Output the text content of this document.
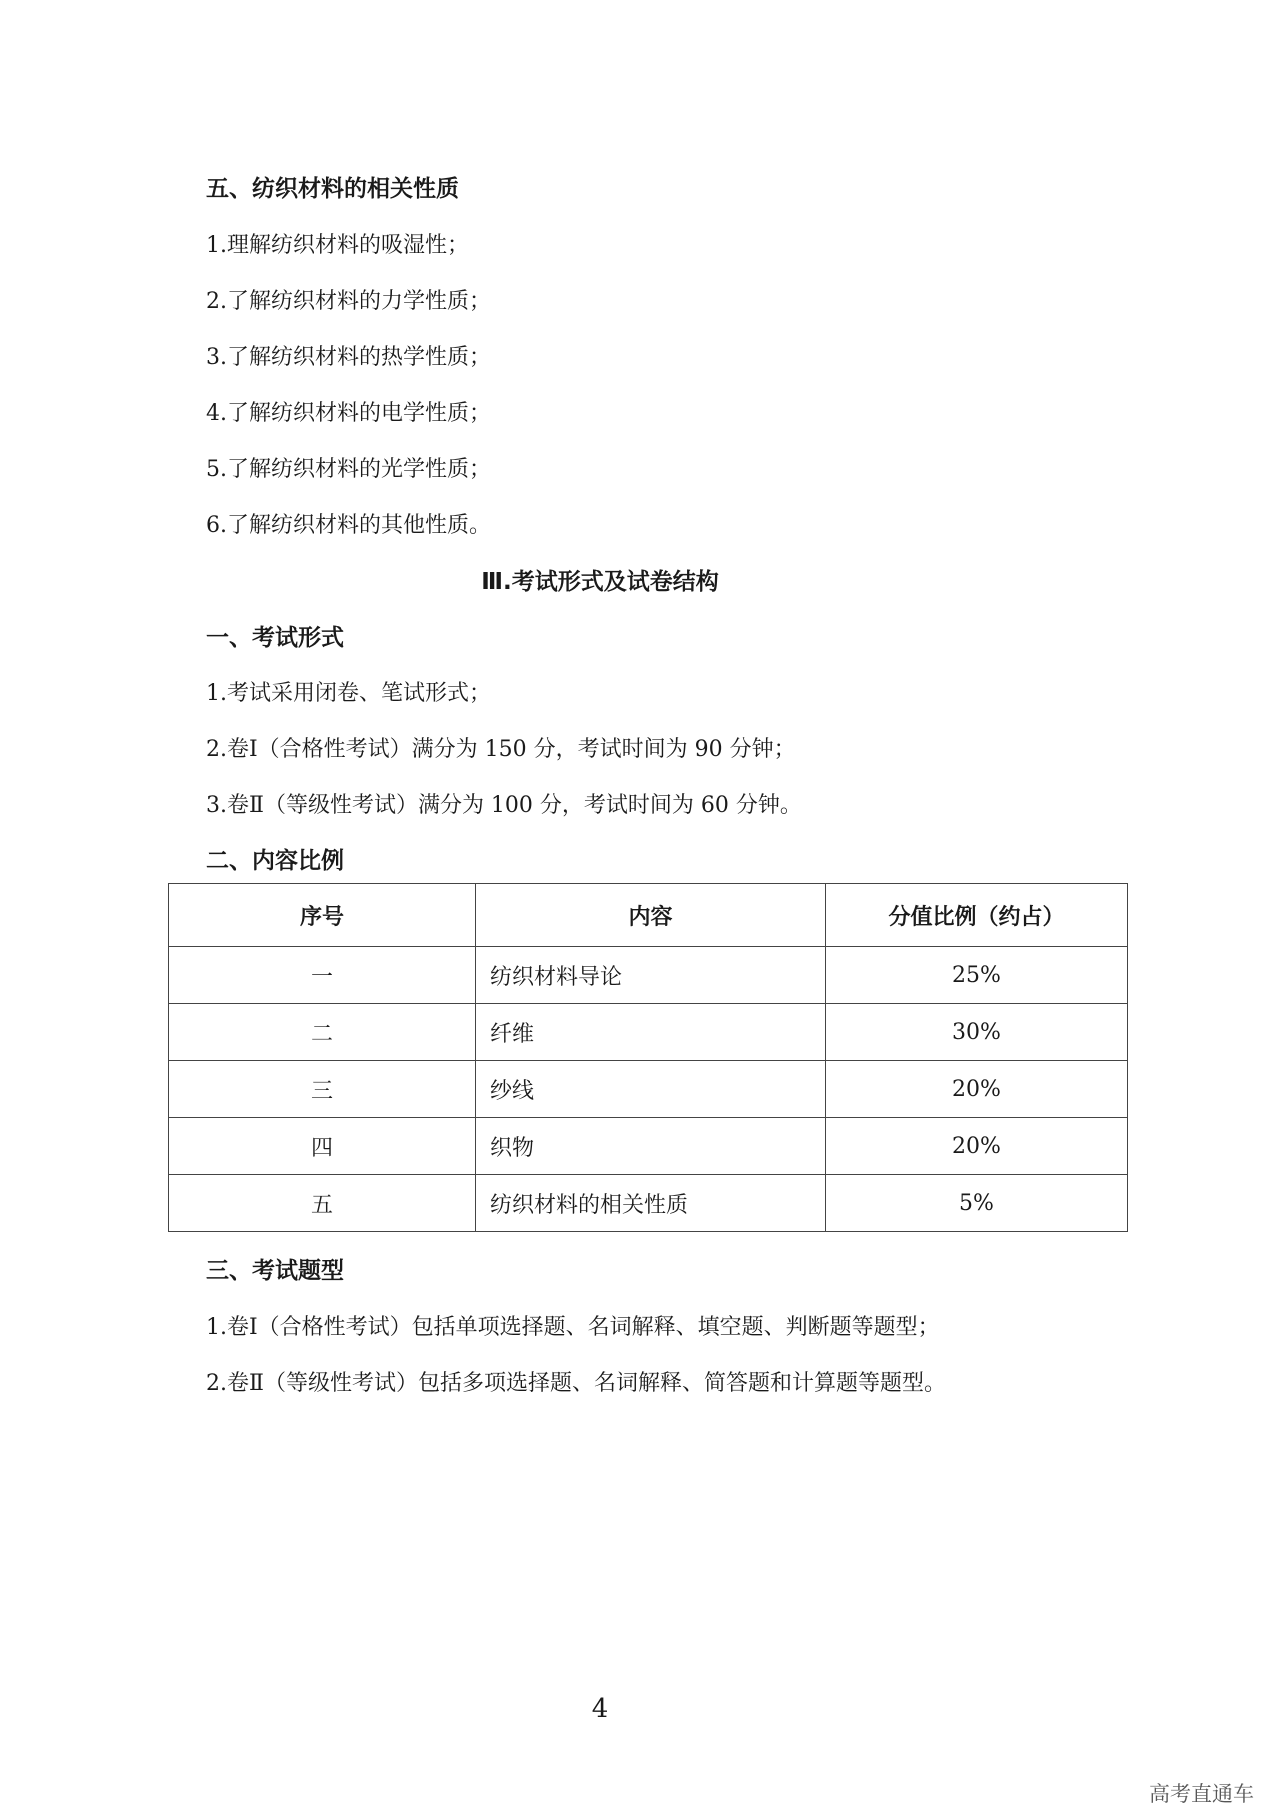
五、纺织材料的相关性质
1.理解纺织材料的吸湿性；
2.了解纺织材料的力学性质；
3.了解纺织材料的热学性质；
4.了解纺织材料的电学性质；
5.了解纺织材料的光学性质；
6.了解纺织材料的其他性质。
Ⅲ.考试形式及试卷结构
一、考试形式
1.考试采用闭卷、笔试形式；
2.卷Ⅰ（合格性考试）满分为 150 分，考试时间为 90 分钟；
3.卷Ⅱ（等级性考试）满分为 100 分，考试时间为 60 分钟。
二、内容比例
序号	内容	分值比例（约占）
一	纺织材料导论	25%
二	纤维	30%
三	纱线	20%
四	织物	20%
五	纺织材料的相关性质	5%
三、考试题型
1.卷Ⅰ（合格性考试）包括单项选择题、名词解释、填空题、判断题等题型；
2.卷Ⅱ（等级性考试）包括多项选择题、名词解释、简答题和计算题等题型。
4
高考直通车
